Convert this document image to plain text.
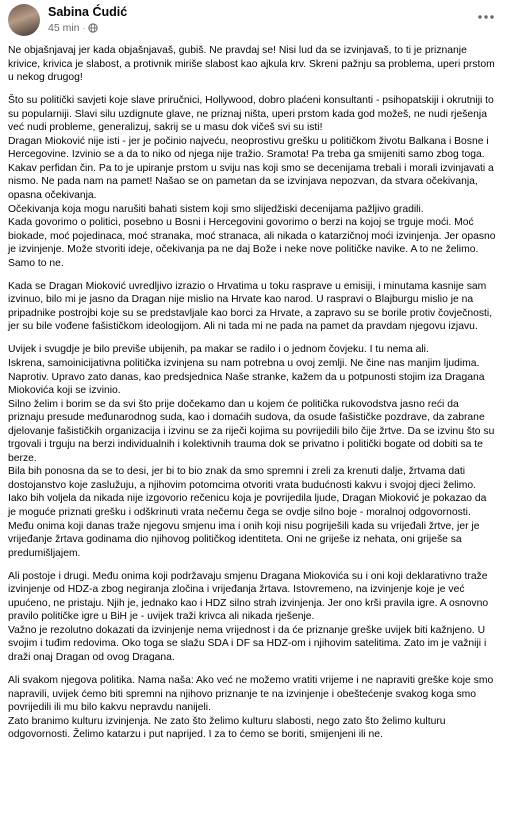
Sabina Ćudić
45 min ·

Ne objašnjavaj jer kada objašnjavaš, gubiš. Ne pravdaj se! Nisi lud da se izvinjavaš, to ti je priznanje krivice, krivica je slabost, a protivnik miriše slabost kao ajkula krv. Skreni pažnju sa problema, uperi prstom u nekog drugog!

Što su politički savjeti koje slave priručnici, Hollywood, dobro plaćeni konsultanti - psihopatskiji i okrutniji to su popularniji. Slavi silu uzdignute glave, ne priznaj ništa, uperi prstom kada god možeš, ne nudi rješenja već nudi probleme, generalizuj, sakrij se u masu dok vičeš svi su isti!
Dragan Mioković nije isti - jer je počinio najveću, neoprostivu grešku u političkom životu Balkana i Bosne i Hercegovine. Izvinio se a da to niko od njega nije tražio. Sramota! Pa treba ga smijeniti samo zbog toga. Kakav perfidan čin. Pa to je upiranje prstom u sviju nas koji smo se decenijama trebali i morali izvinjavati a nismo. Ne pada nam na pamet! Našao se on pametan da se izvinjava nepozvan, da stvara očekivanja, opasna očekivanja.
Očekivanja koja mogu narušiti bahati sistem koji smo slijedžiski decenijama pažljivo gradili.
Kada govorimo o politici, posebno u Bosni i Hercegovini govorimo o berzi na kojoj se trguje moći. Moć biokade, moć pojedinaca, moć stranaka, moć stranaca, ali nikada o katarzičnoj moći izvinjenja. Jer opasno je izvinjenje. Može stvoriti ideje, očekivanja pa ne daj Bože i neke nove političke navike. A to ne želimo. Samo to ne.

Kada se Dragan Mioković uvredljivo izrazio o Hrvatima u toku rasprave u emisiji, i minutama kasnije sam izvinuo, bilo mi je jasno da Dragan nije mislio na Hrvate kao narod. U raspravi o Blajburgu mislio je na pripadnike postrojbi koje su se predstavljale kao borci za Hrvate, a zapravo su se borile protiv čovječnosti, jer su bile vođene fašističkom ideologijom. Ali ni tada mi ne pada na pamet da pravdam njegovu izjavu.

Uvijek i svugdje je bilo previše ubijenih, pa makar se radilo i o jednom čovjeku. I tu nema ali.
Iskrena, samoinicijativna politička izvinjena su nam potrebna u ovoj zemlji. Ne čine nas manjim ljudima. Naprotiv. Upravo zato danas, kao predsjednica Naše stranke, kažem da u potpunosti stojim iza Dragana Miokovića koji se izvinio.
Silno želim i borim se da svi što prije dočekamo dan u kojem će politička rukovodstva jasno reći da priznaju presude međunarodnog suda, kao i domaćih sudova, da osude fašističke pozdrave, da zabrane djelovanje fašističkih organizacija i izvinu se za riječi kojima su povrijedili bilo čije žrtve. Da se izvinu što su trgovali i trguju na berzi individualnih i kolektivnih trauma dok se privatno i politički bogate od dobiti sa te berze.
Bila bih ponosna da se to desi, jer bi to bio znak da smo spremni i zreli za krenuti dalje, žrtvama dati dostojanstvo koje zaslužuju, a njihovim potomcima otvoriti vrata budućnosti kakvu i svojoj djeci želimo.
Iako bih voljela da nikada nije izgovorio rečenicu koja je povrijedila ljude, Dragan Mioković je pokazao da je moguće priznati grešku i odškrinuti vrata nečemu čega se ovdje silno boje - moralnoj odgovornosti.
Među onima koji danas traže njegovu smjenu ima i onih koji nisu pogriješili kada su vrijeđali žrtve, jer je vrijeđanje žrtava godinama dio njihovog političkog identiteta. Oni ne griješe iz nehata, oni griješe sa predumišljajem.

Ali postoje i drugi. Među onima koji podržavaju smjenu Dragana Miokovića su i oni koji deklarativno traže izvinjenje od HDZ-a zbog negiranja zločina i vrijeđanja žrtava. Istovremeno, na izvinjenje koje je već upućeno, ne pristaju. Njih je, jednako kao i HDZ silno strah izvinjenja. Jer ono krši pravila igre. A osnovno pravilo političke igre u BiH je - uvijek traži krivca ali nikada rješenje.
Važno je rezolutno dokazati da izvinjenje nema vrijednost i da će priznanje greške uvijek biti kažnjeno. U svojim i tuđim redovima. Oko toga se slažu SDA i DF sa HDZ-om i njihovim satelitima. Zato im je važniji i draži onaj Dragan od ovog Dragana.

Ali svakom njegova politika. Nama naša: Ako već ne možemo vratiti vrijeme i ne napraviti greške koje smo napravili, uvijek ćemo biti spremni na njihovo priznanje te na izvinjenje i obeštećenje svakog koga smo povrijedili ili mu bilo kakvu nepravdu nanijeli.
Zato branimo kulturu izvinjenja. Ne zato što želimo kulturu slabosti, nego zato što želimo kulturu odgovornosti. Želimo katarzu i put naprijed. I za to ćemo se boriti, smijenjeni ili ne.
